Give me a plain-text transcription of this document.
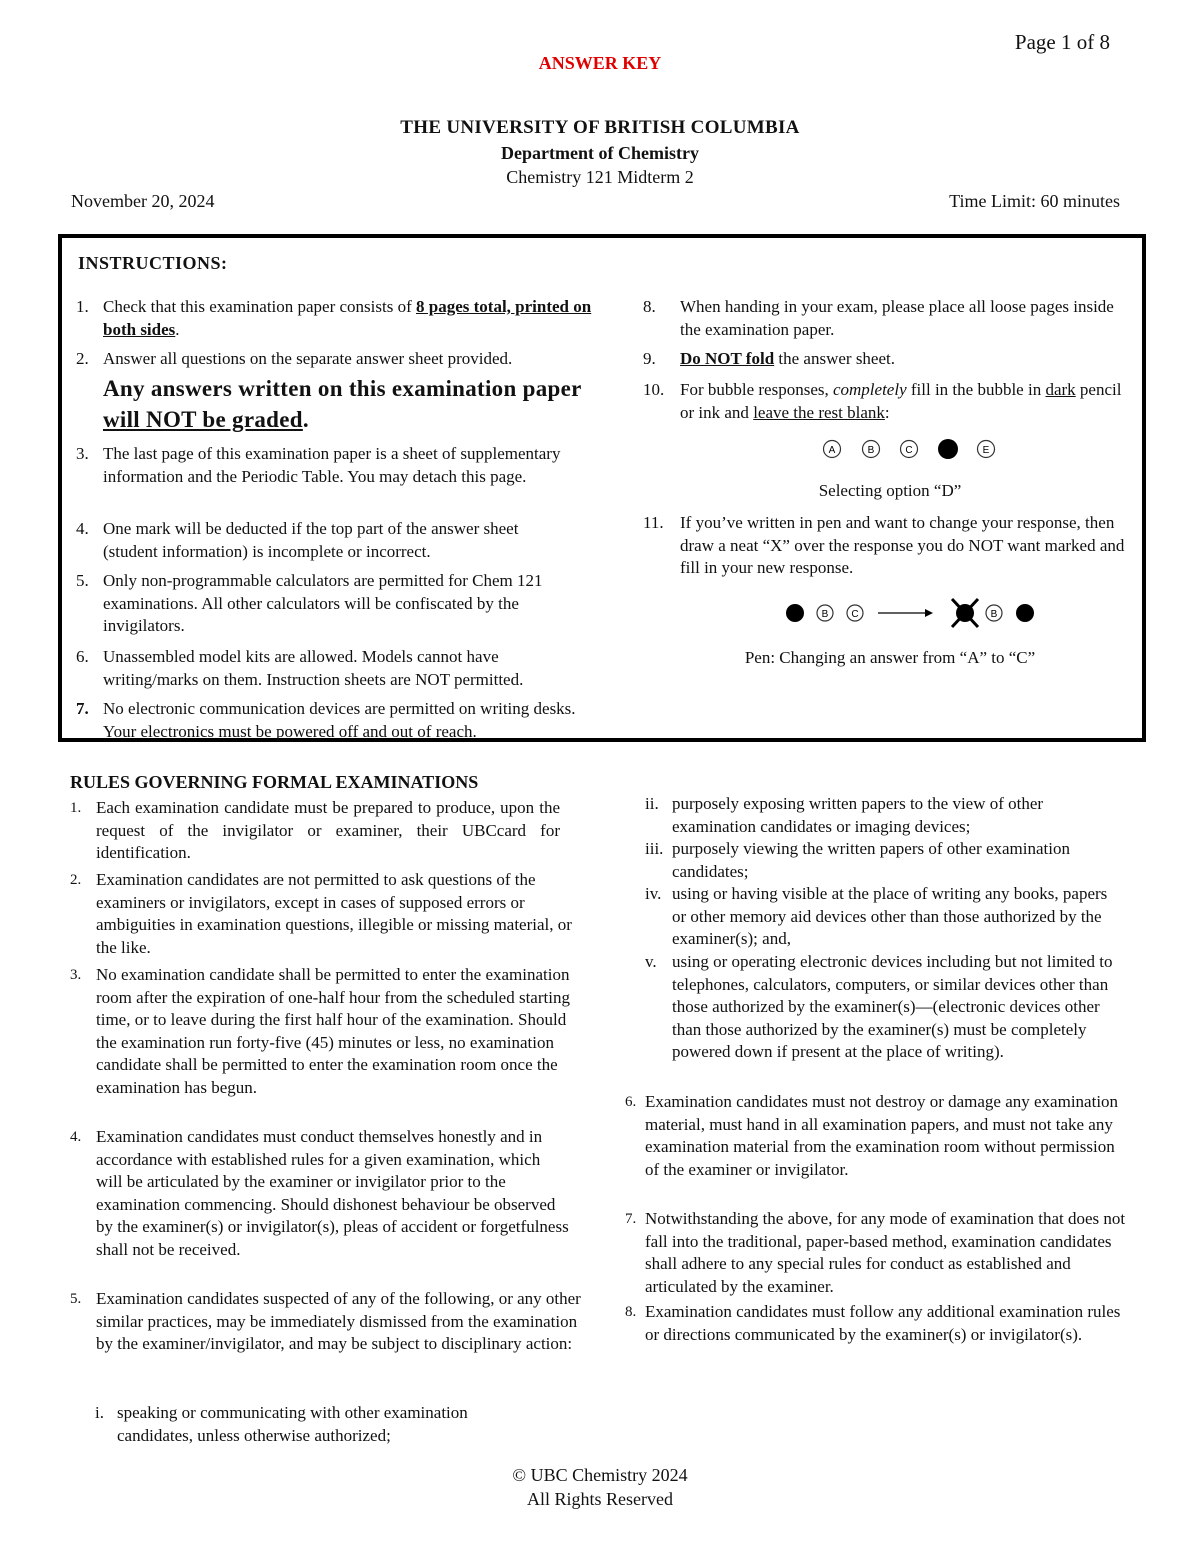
Page 1 of 8
ANSWER KEY
THE UNIVERSITY OF BRITISH COLUMBIA
Department of Chemistry
Chemistry 121 Midterm 2
November 20, 2024	Time Limit: 60 minutes
INSTRUCTIONS:
1. Check that this examination paper consists of 8 pages total, printed on both sides.
2. Answer all questions on the separate answer sheet provided.
Any answers written on this examination paper will NOT be graded.
3. The last page of this examination paper is a sheet of supplementary information and the Periodic Table. You may detach this page.
4. One mark will be deducted if the top part of the answer sheet (student information) is incomplete or incorrect.
5. Only non-programmable calculators are permitted for Chem 121 examinations. All other calculators will be confiscated by the invigilators.
6. Unassembled model kits are allowed. Models cannot have writing/marks on them. Instruction sheets are NOT permitted.
7. No electronic communication devices are permitted on writing desks. Your electronics must be powered off and out of reach.
8. When handing in your exam, please place all loose pages inside the examination paper.
9. Do NOT fold the answer sheet.
10. For bubble responses, completely fill in the bubble in dark pencil or ink and leave the rest blank:
A	B	C	E
Selecting option “D”
11. If you’ve written in pen and want to change your response, then draw a neat “X” over the response you do NOT want marked and fill in your new response.
B C	B
Pen: Changing an answer from “A” to “C”
RULES GOVERNING FORMAL EXAMINATIONS
1. Each examination candidate must be prepared to produce, upon the request of the invigilator or examiner, their UBCcard for identification.
2. Examination candidates are not permitted to ask questions of the examiners or invigilators, except in cases of supposed errors or ambiguities in examination questions, illegible or missing material, or the like.
3. No examination candidate shall be permitted to enter the examination room after the expiration of one-half hour from the scheduled starting time, or to leave during the first half hour of the examination. Should the examination run forty-five (45) minutes or less, no examination candidate shall be permitted to enter the examination room once the examination has begun.
4. Examination candidates must conduct themselves honestly and in accordance with established rules for a given examination, which will be articulated by the examiner or invigilator prior to the examination commencing. Should dishonest behaviour be observed by the examiner(s) or invigilator(s), pleas of accident or forgetfulness shall not be received.
5. Examination candidates suspected of any of the following, or any other similar practices, may be immediately dismissed from the examination by the examiner/invigilator, and may be subject to disciplinary action:
i. speaking or communicating with other examination candidates, unless otherwise authorized;
ii. purposely exposing written papers to the view of other examination candidates or imaging devices;
iii. purposely viewing the written papers of other examination candidates;
iv. using or having visible at the place of writing any books, papers or other memory aid devices other than those authorized by the examiner(s); and,
v. using or operating electronic devices including but not limited to telephones, calculators, computers, or similar devices other than those authorized by the examiner(s)—(electronic devices other than those authorized by the examiner(s) must be completely powered down if present at the place of writing).
6. Examination candidates must not destroy or damage any examination material, must hand in all examination papers, and must not take any examination material from the examination room without permission of the examiner or invigilator.
7. Notwithstanding the above, for any mode of examination that does not fall into the traditional, paper-based method, examination candidates shall adhere to any special rules for conduct as established and articulated by the examiner.
8. Examination candidates must follow any additional examination rules or directions communicated by the examiner(s) or invigilator(s).
© UBC Chemistry 2024
All Rights Reserved
